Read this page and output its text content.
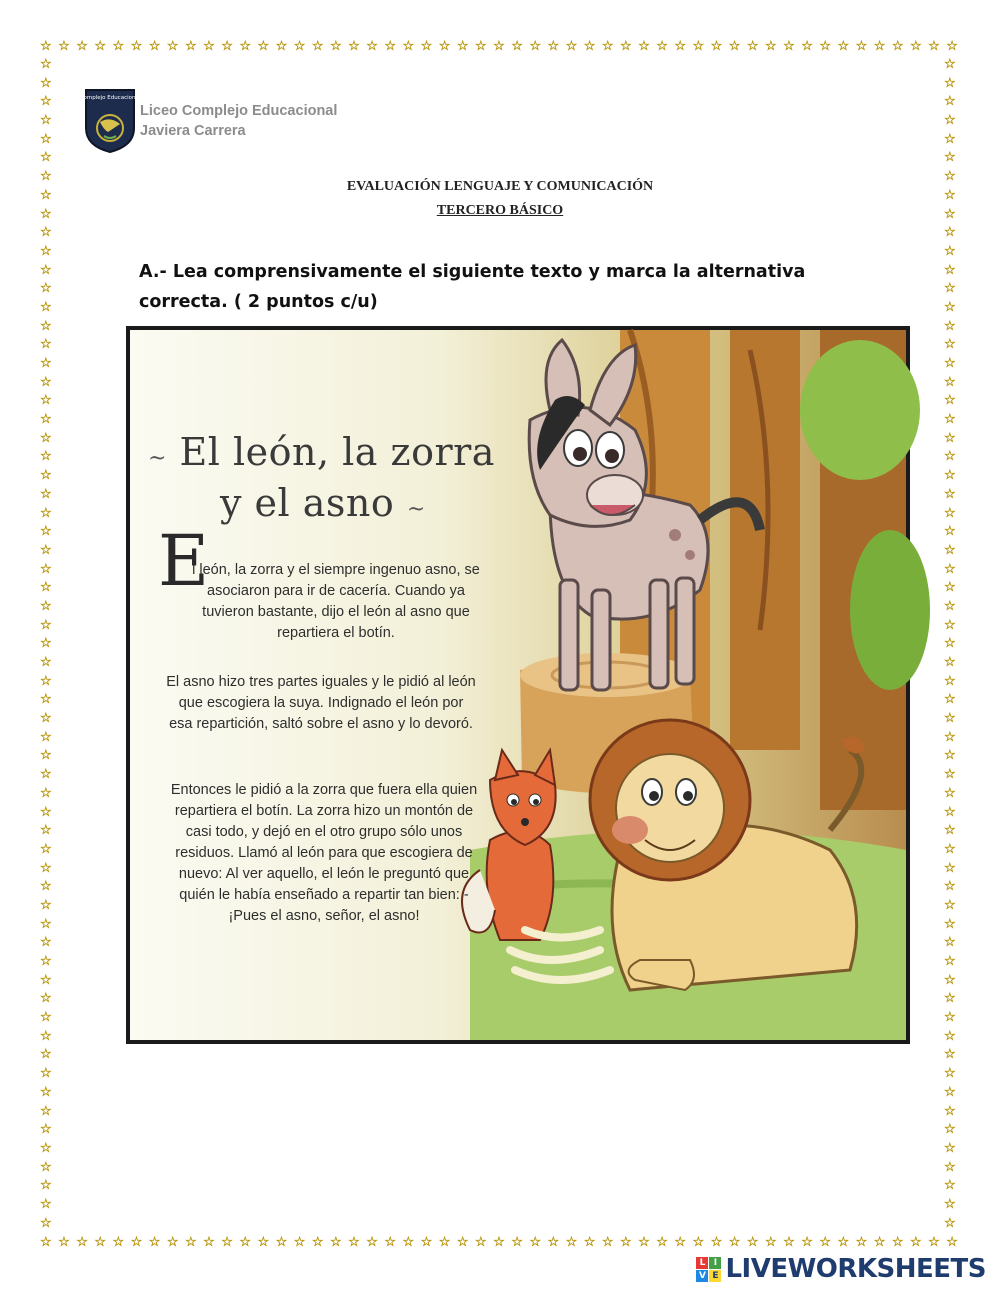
☆ ☆ ☆ ☆ ☆ ☆ ☆ ☆ ☆ ☆ ☆ ☆ ☆ ☆ ☆ ☆ ☆ ☆ ☆ ☆ ☆ ☆ ☆ ☆ ☆ ☆ ☆ ☆ ☆ ☆ ☆ ☆ ☆ ☆ ☆ ☆ ☆ ☆ ☆ ☆ ☆ ☆ ☆ ☆ ☆ ☆ ☆ ☆ ☆ ☆ ☆
☆ ☆ ☆ ☆ ☆ ☆ ☆ ☆ ☆ ☆ ☆ ☆ ☆ ☆ ☆ ☆ ☆ ☆ ☆ ☆ ☆ ☆ ☆ ☆ ☆ ☆ ☆ ☆ ☆ ☆ ☆ ☆ ☆ ☆ ☆ ☆ ☆ ☆ ☆ ☆ ☆ ☆ ☆ ☆ ☆ ☆ ☆ ☆ ☆ ☆ ☆
☆
☆
☆
☆
☆
☆
☆
☆
☆
☆
☆
☆
☆
☆
☆
☆
☆
☆
☆
☆
☆
☆
☆
☆
☆
☆
☆
☆
☆
☆
☆
☆
☆
☆
☆
☆
☆
☆
☆
☆
☆
☆
☆
☆
☆
☆
☆
☆
☆
☆
☆
☆
☆
☆
☆
☆
☆
☆
☆
☆
☆
☆
☆
☆
☆
☆
☆
☆
☆
☆
☆
☆
☆
☆
☆
☆
☆
☆
☆
☆
☆
☆
☆
☆
☆
☆
☆
☆
☆
☆
☆
☆
☆
☆
☆
☆
☆
☆
☆
☆
☆
☆
☆
☆
☆
☆
☆
☆
☆
☆
☆
☆
☆
☆
☆
☆
☆
☆
☆
☆
☆
☆
☆
☆
☆
☆
Complejo Educacional
Liceo Complejo Educacional
Javiera Carrera
EVALUACIÓN LENGUAJE Y COMUNICACIÓN
TERCERO BÁSICO
A.- Lea comprensivamente el siguiente texto y marca la alternativa correcta. ( 2 puntos c/u)
~ El león, la zorra
y el asno ~
E
l león, la zorra y el siempre ingenuo asno, se asociaron para ir de cacería. Cuando ya tuvieron bastante, dijo el león al asno que repartiera el botín.
El asno hizo tres partes iguales y le pidió al león que escogiera la suya. Indignado el león por esa repartición, saltó sobre el asno y lo devoró.
Entonces le pidió a la zorra que fuera ella quien repartiera el botín. La zorra hizo un montón de casi todo, y dejó en el otro grupo sólo unos residuos. Llamó al león para que escogiera de nuevo: Al ver aquello, el león le preguntó que quién le había enseñado a repartir tan bien: - ¡Pues el asno, señor, el asno!
L I
V E LIVEWORKSHEETS
